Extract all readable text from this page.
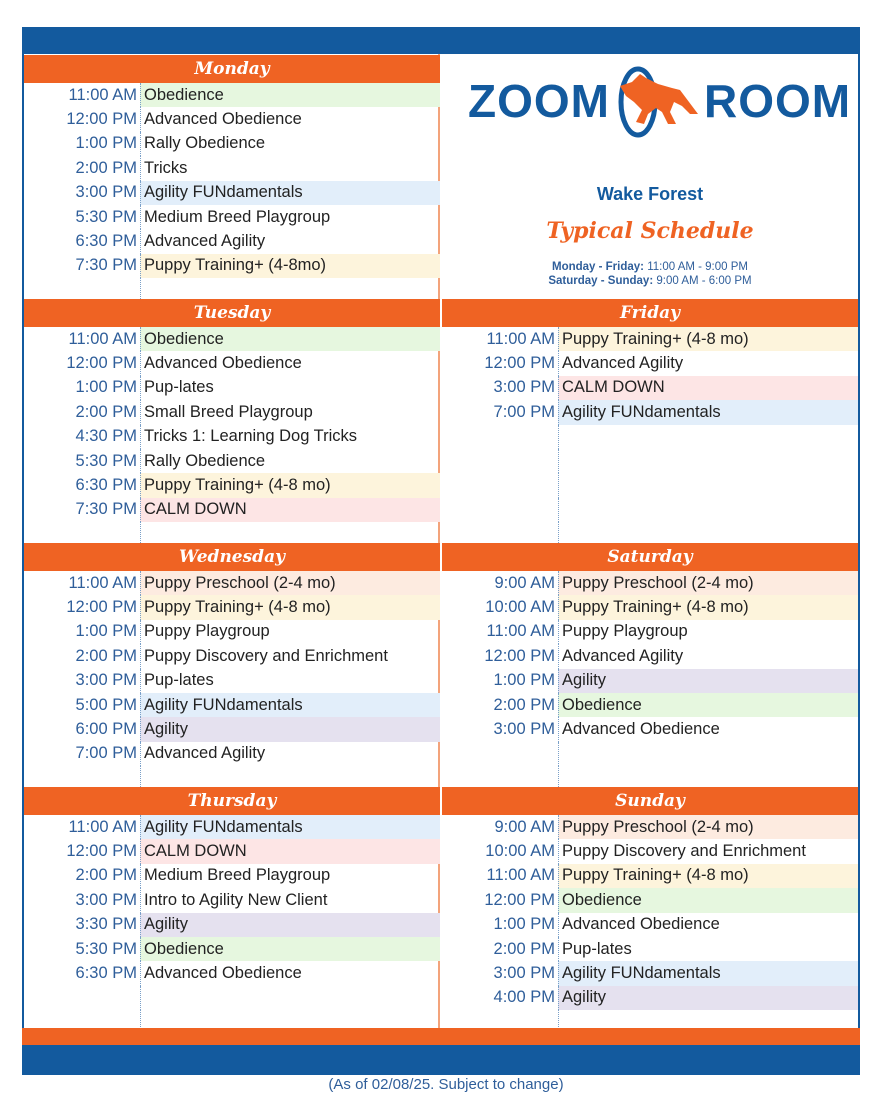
ZOOM ROOM
Wake Forest
Typical Schedule
Monday - Friday: 11:00 AM - 9:00 PM
Saturday - Sunday: 9:00 AM - 6:00 PM
Monday
11:00 AM Obedience
12:00 PM Advanced Obedience
1:00 PM Rally Obedience
2:00 PM Tricks
3:00 PM Agility FUNdamentals
5:30 PM Medium Breed Playgroup
6:30 PM Advanced Agility
7:30 PM Puppy Training+ (4-8mo)
Tuesday
11:00 AM Obedience
12:00 PM Advanced Obedience
1:00 PM Pup-lates
2:00 PM Small Breed Playgroup
4:30 PM Tricks 1: Learning Dog Tricks
5:30 PM Rally Obedience
6:30 PM Puppy Training+ (4-8 mo)
7:30 PM CALM DOWN
Wednesday
11:00 AM Puppy Preschool (2-4 mo)
12:00 PM Puppy Training+ (4-8 mo)
1:00 PM Puppy Playgroup
2:00 PM Puppy Discovery and Enrichment
3:00 PM Pup-lates
5:00 PM Agility FUNdamentals
6:00 PM Agility
7:00 PM Advanced Agility
Thursday
11:00 AM Agility FUNdamentals
12:00 PM CALM DOWN
2:00 PM Medium Breed Playgroup
3:00 PM Intro to Agility New Client
3:30 PM Agility
5:30 PM Obedience
6:30 PM Advanced Obedience
Friday
11:00 AM Puppy Training+ (4-8 mo)
12:00 PM Advanced Agility
3:00 PM CALM DOWN
7:00 PM Agility FUNdamentals
Saturday
9:00 AM Puppy Preschool (2-4 mo)
10:00 AM Puppy Training+ (4-8 mo)
11:00 AM Puppy Playgroup
12:00 PM Advanced Agility
1:00 PM Agility
2:00 PM Obedience
3:00 PM Advanced Obedience
Sunday
9:00 AM Puppy Preschool (2-4 mo)
10:00 AM Puppy Discovery and Enrichment
11:00 AM Puppy Training+ (4-8 mo)
12:00 PM Obedience
1:00 PM Advanced Obedience
2:00 PM Pup-lates
3:00 PM Agility FUNdamentals
4:00 PM Agility
(As of 02/08/25. Subject to change)
